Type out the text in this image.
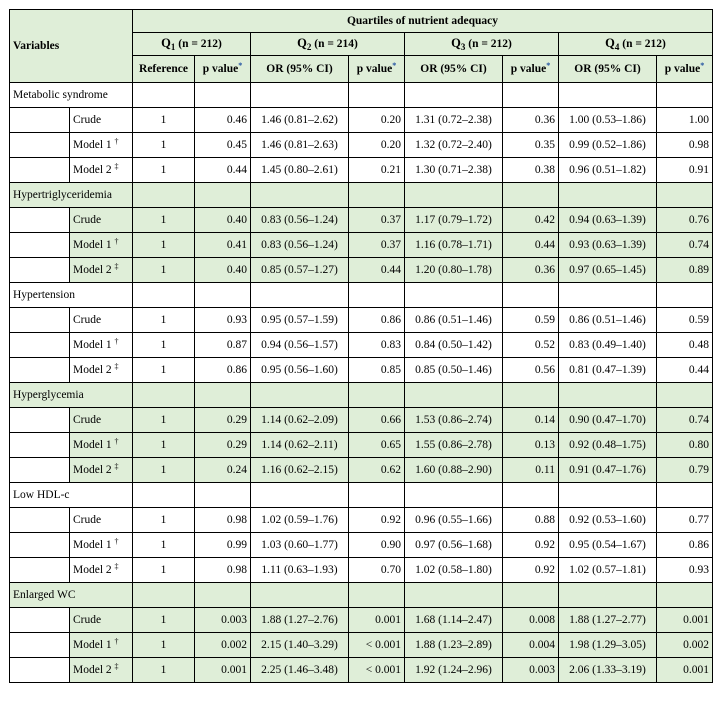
Variables		Quartiles of nutrient adequacy							
		$Q_1$ (n = 212)		$Q_2$ (n = 214)		$Q_3$ (n = 212)		$Q_4$ (n = 212)	
		Reference	p value*	OR (95% CI)	p value*	OR (95% CI)	p value*	OR (95% CI)	p value*
Metabolic syndrome									
	Crude	1	0.46	1.46 (0.81–2.62)	0.20	1.31 (0.72–2.38)	0.36	1.00 (0.53–1.86)	1.00
	Model 1 †	1	0.45	1.46 (0.81–2.63)	0.20	1.32 (0.72–2.40)	0.35	0.99 (0.52–1.86)	0.98
	Model 2 ‡	1	0.44	1.45 (0.80–2.61)	0.21	1.30 (0.71–2.38)	0.38	0.96 (0.51–1.82)	0.91
Hypertriglyceridemia									
	Crude	1	0.40	0.83 (0.56–1.24)	0.37	1.17 (0.79–1.72)	0.42	0.94 (0.63–1.39)	0.76
	Model 1 †	1	0.41	0.83 (0.56–1.24)	0.37	1.16 (0.78–1.71)	0.44	0.93 (0.63–1.39)	0.74
	Model 2 ‡	1	0.40	0.85 (0.57–1.27)	0.44	1.20 (0.80–1.78)	0.36	0.97 (0.65–1.45)	0.89
Hypertension									
	Crude	1	0.93	0.95 (0.57–1.59)	0.86	0.86 (0.51–1.46)	0.59	0.86 (0.51–1.46)	0.59
	Model 1 †	1	0.87	0.94 (0.56–1.57)	0.83	0.84 (0.50–1.42)	0.52	0.83 (0.49–1.40)	0.48
	Model 2 ‡	1	0.86	0.95 (0.56–1.60)	0.85	0.85 (0.50–1.46)	0.56	0.81 (0.47–1.39)	0.44
Hyperglycemia									
	Crude	1	0.29	1.14 (0.62–2.09)	0.66	1.53 (0.86–2.74)	0.14	0.90 (0.47–1.70)	0.74
	Model 1 †	1	0.29	1.14 (0.62–2.11)	0.65	1.55 (0.86–2.78)	0.13	0.92 (0.48–1.75)	0.80
	Model 2 ‡	1	0.24	1.16 (0.62–2.15)	0.62	1.60 (0.88–2.90)	0.11	0.91 (0.47–1.76)	0.79
Low HDL-c									
	Crude	1	0.98	1.02 (0.59–1.76)	0.92	0.96 (0.55–1.66)	0.88	0.92 (0.53–1.60)	0.77
	Model 1 †	1	0.99	1.03 (0.60–1.77)	0.90	0.97 (0.56–1.68)	0.92	0.95 (0.54–1.67)	0.86
	Model 2 ‡	1	0.98	1.11 (0.63–1.93)	0.70	1.02 (0.58–1.80)	0.92	1.02 (0.57–1.81)	0.93
Enlarged WC									
	Crude	1	0.003	1.88 (1.27–2.76)	0.001	1.68 (1.14–2.47)	0.008	1.88 (1.27–2.77)	0.001
	Model 1 †	1	0.002	2.15 (1.40–3.29)	< 0.001	1.88 (1.23–2.89)	0.004	1.98 (1.29–3.05)	0.002
	Model 2 ‡	1	0.001	2.25 (1.46–3.48)	< 0.001	1.92 (1.24–2.96)	0.003	2.06 (1.33–3.19)	0.001
